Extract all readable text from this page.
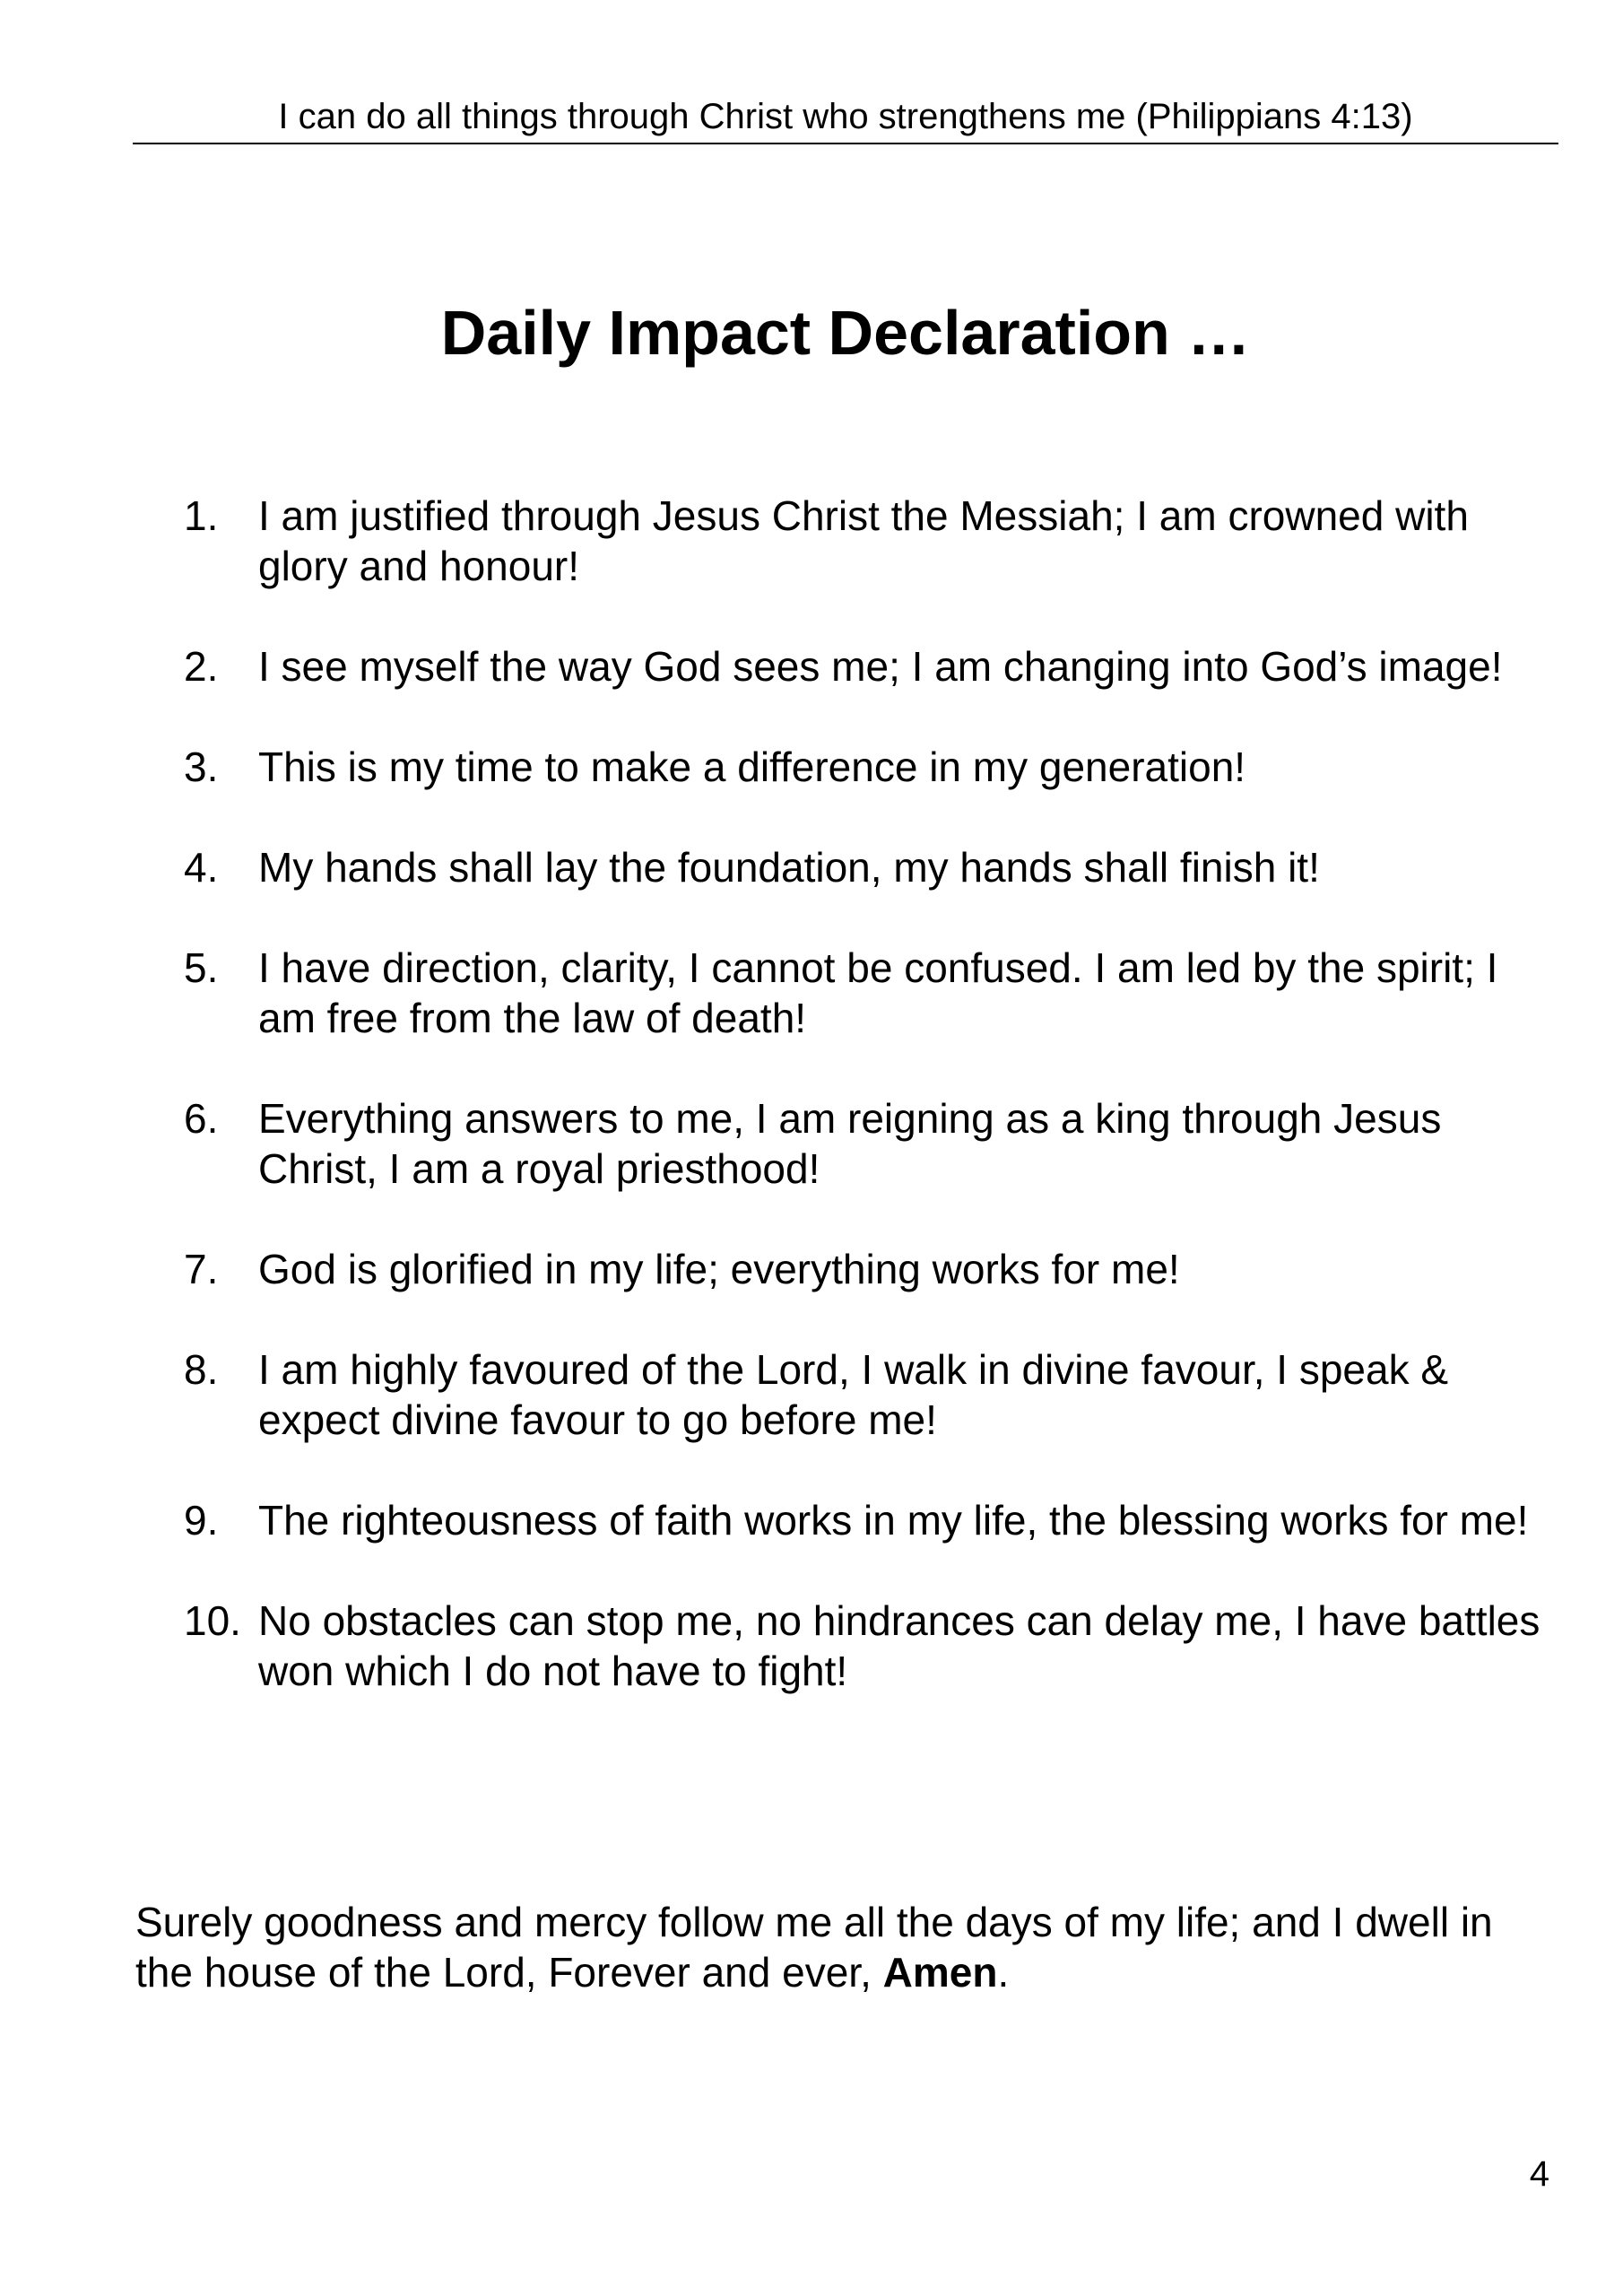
I can do all things through Christ who strengthens me (Philippians 4:13)
Daily Impact Declaration …
1. I am justified through Jesus Christ the Messiah; I am crowned with glory and honour!
2. I see myself the way God sees me; I am changing into God’s image!
3. This is my time to make a difference in my generation!
4. My hands shall lay the foundation, my hands shall finish it!
5. I have direction, clarity, I cannot be confused. I am led by the spirit; I am free from the law of death!
6. Everything answers to me, I am reigning as a king through Jesus Christ, I am a royal priesthood!
7. God is glorified in my life; everything works for me!
8. I am highly favoured of the Lord, I walk in divine favour, I speak & expect divine favour to go before me!
9. The righteousness of faith works in my life, the blessing works for me!
10. No obstacles can stop me, no hindrances can delay me, I have battles won which I do not have to fight!

Surely goodness and mercy follow me all the days of my life; and I dwell in the house of the Lord, Forever and ever, Amen.

4
